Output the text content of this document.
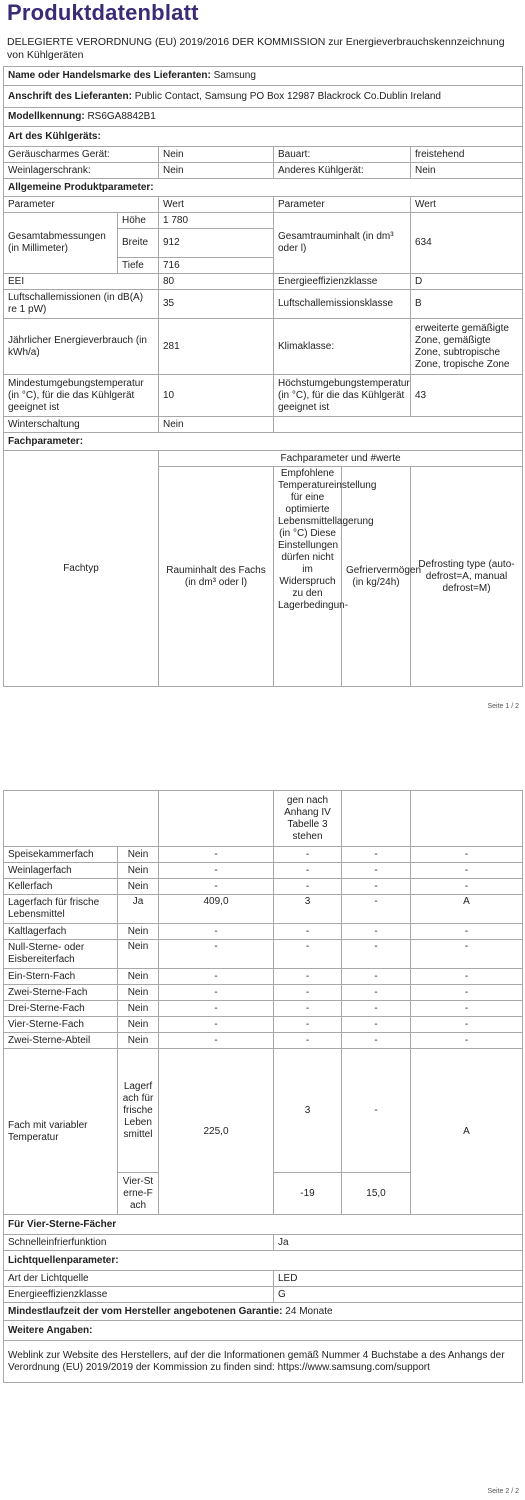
Produktdatenblatt
DELEGIERTE VERORDNUNG (EU) 2019/2016 DER KOMMISSION zur Energieverbrauchskennzeichnung von Kühlgeräten
Name oder Handelsmarke des Lieferanten: Samsung					
Anschrift des Lieferanten: Public Contact, Samsung PO Box 12987 Blackrock Co.Dublin Ireland					
Modellkennung: RS6GA8842B1					
Art des Kühlgeräts:					
Geräuscharmes Gerät:		Nein	Bauart:		freistehend
Weinlagerschrank:		Nein	Anderes Kühlgerät:		Nein
Allgemeine Produktparameter:					
Parameter		Wert	Parameter		Wert
Gesamtabmessungen (in Millimeter)	Höhe	1 780	Gesamtrauminhalt (in dm³ oder l)		634
	Breite	912			
	Tiefe	716			
EEI		80	Energieeffizienzklasse		D
Luftschallemissionen (in dB(A) re 1 pW)		35	Luftschallemissionsklasse		B
Jährlicher Energieverbrauch (in kWh/a)		281	Klimaklasse:		erweiterte gemäßigte Zone, gemäßigte Zone, subtropische Zone, tropische Zone
Mindestumgebungstemperatur (in °C), für die das Kühlgerät geeignet ist		10	Höchstumgebungstemperatur (in °C), für die das Kühlgerät geeignet ist		43
Winterschaltung		Nein			
Fachparameter:					
Fachtyp		Fachparameter und #werte			
		Rauminhalt des Fachs (in dm³ oder l)	Empfohlene Temperatureinstellung für eine optimierte Lebensmittellagerung (in °C) Diese Einstellungen dürfen nicht im Widerspruch zu den Lagerbedingun-	Gefriervermögen (in kg/24h)	Defrosting type (auto-defrost=A, manual defrost=M)
Seite 1 / 2
			gen nach Anhang IV Tabelle 3 stehen		
Speisekammerfach	Nein	-	-	-	-
Weinlagerfach	Nein	-	-	-	-
Kellerfach	Nein	-	-	-	-
Lagerfach für frische Lebensmittel	Ja	409,0	3	-	A
Kaltlagerfach	Nein	-	-	-	-
Null-Sterne- oder Eisbereiterfach	Nein	-	-	-	-
Ein-Stern-Fach	Nein	-	-	-	-
Zwei-Sterne-Fach	Nein	-	-	-	-
Drei-Sterne-Fach	Nein	-	-	-	-
Vier-Sterne-Fach	Nein	-	-	-	-
Zwei-Sterne-Abteil	Nein	-	-	-	-
Fach mit variabler Temperatur	Lagerfach für frische Lebensmittel	225,0	3	-	A
	Vier-Sterne-Fach		-19	15,0	
Für Vier-Sterne-Fächer					
Schnelleinfrierfunktion			Ja		
Lichtquellenparameter:					
Art der Lichtquelle			LED		
Energieeffizienzklasse			G		
Mindestlaufzeit der vom Hersteller angebotenen Garantie: 24 Monate					
Weitere Angaben:					
Weblink zur Website des Herstellers, auf der die Informationen gemäß Nummer 4 Buchstabe a des Anhangs der Verordnung (EU) 2019/2019 der Kommission zu finden sind: https://www.samsung.com/support					
Seite 2 / 2
